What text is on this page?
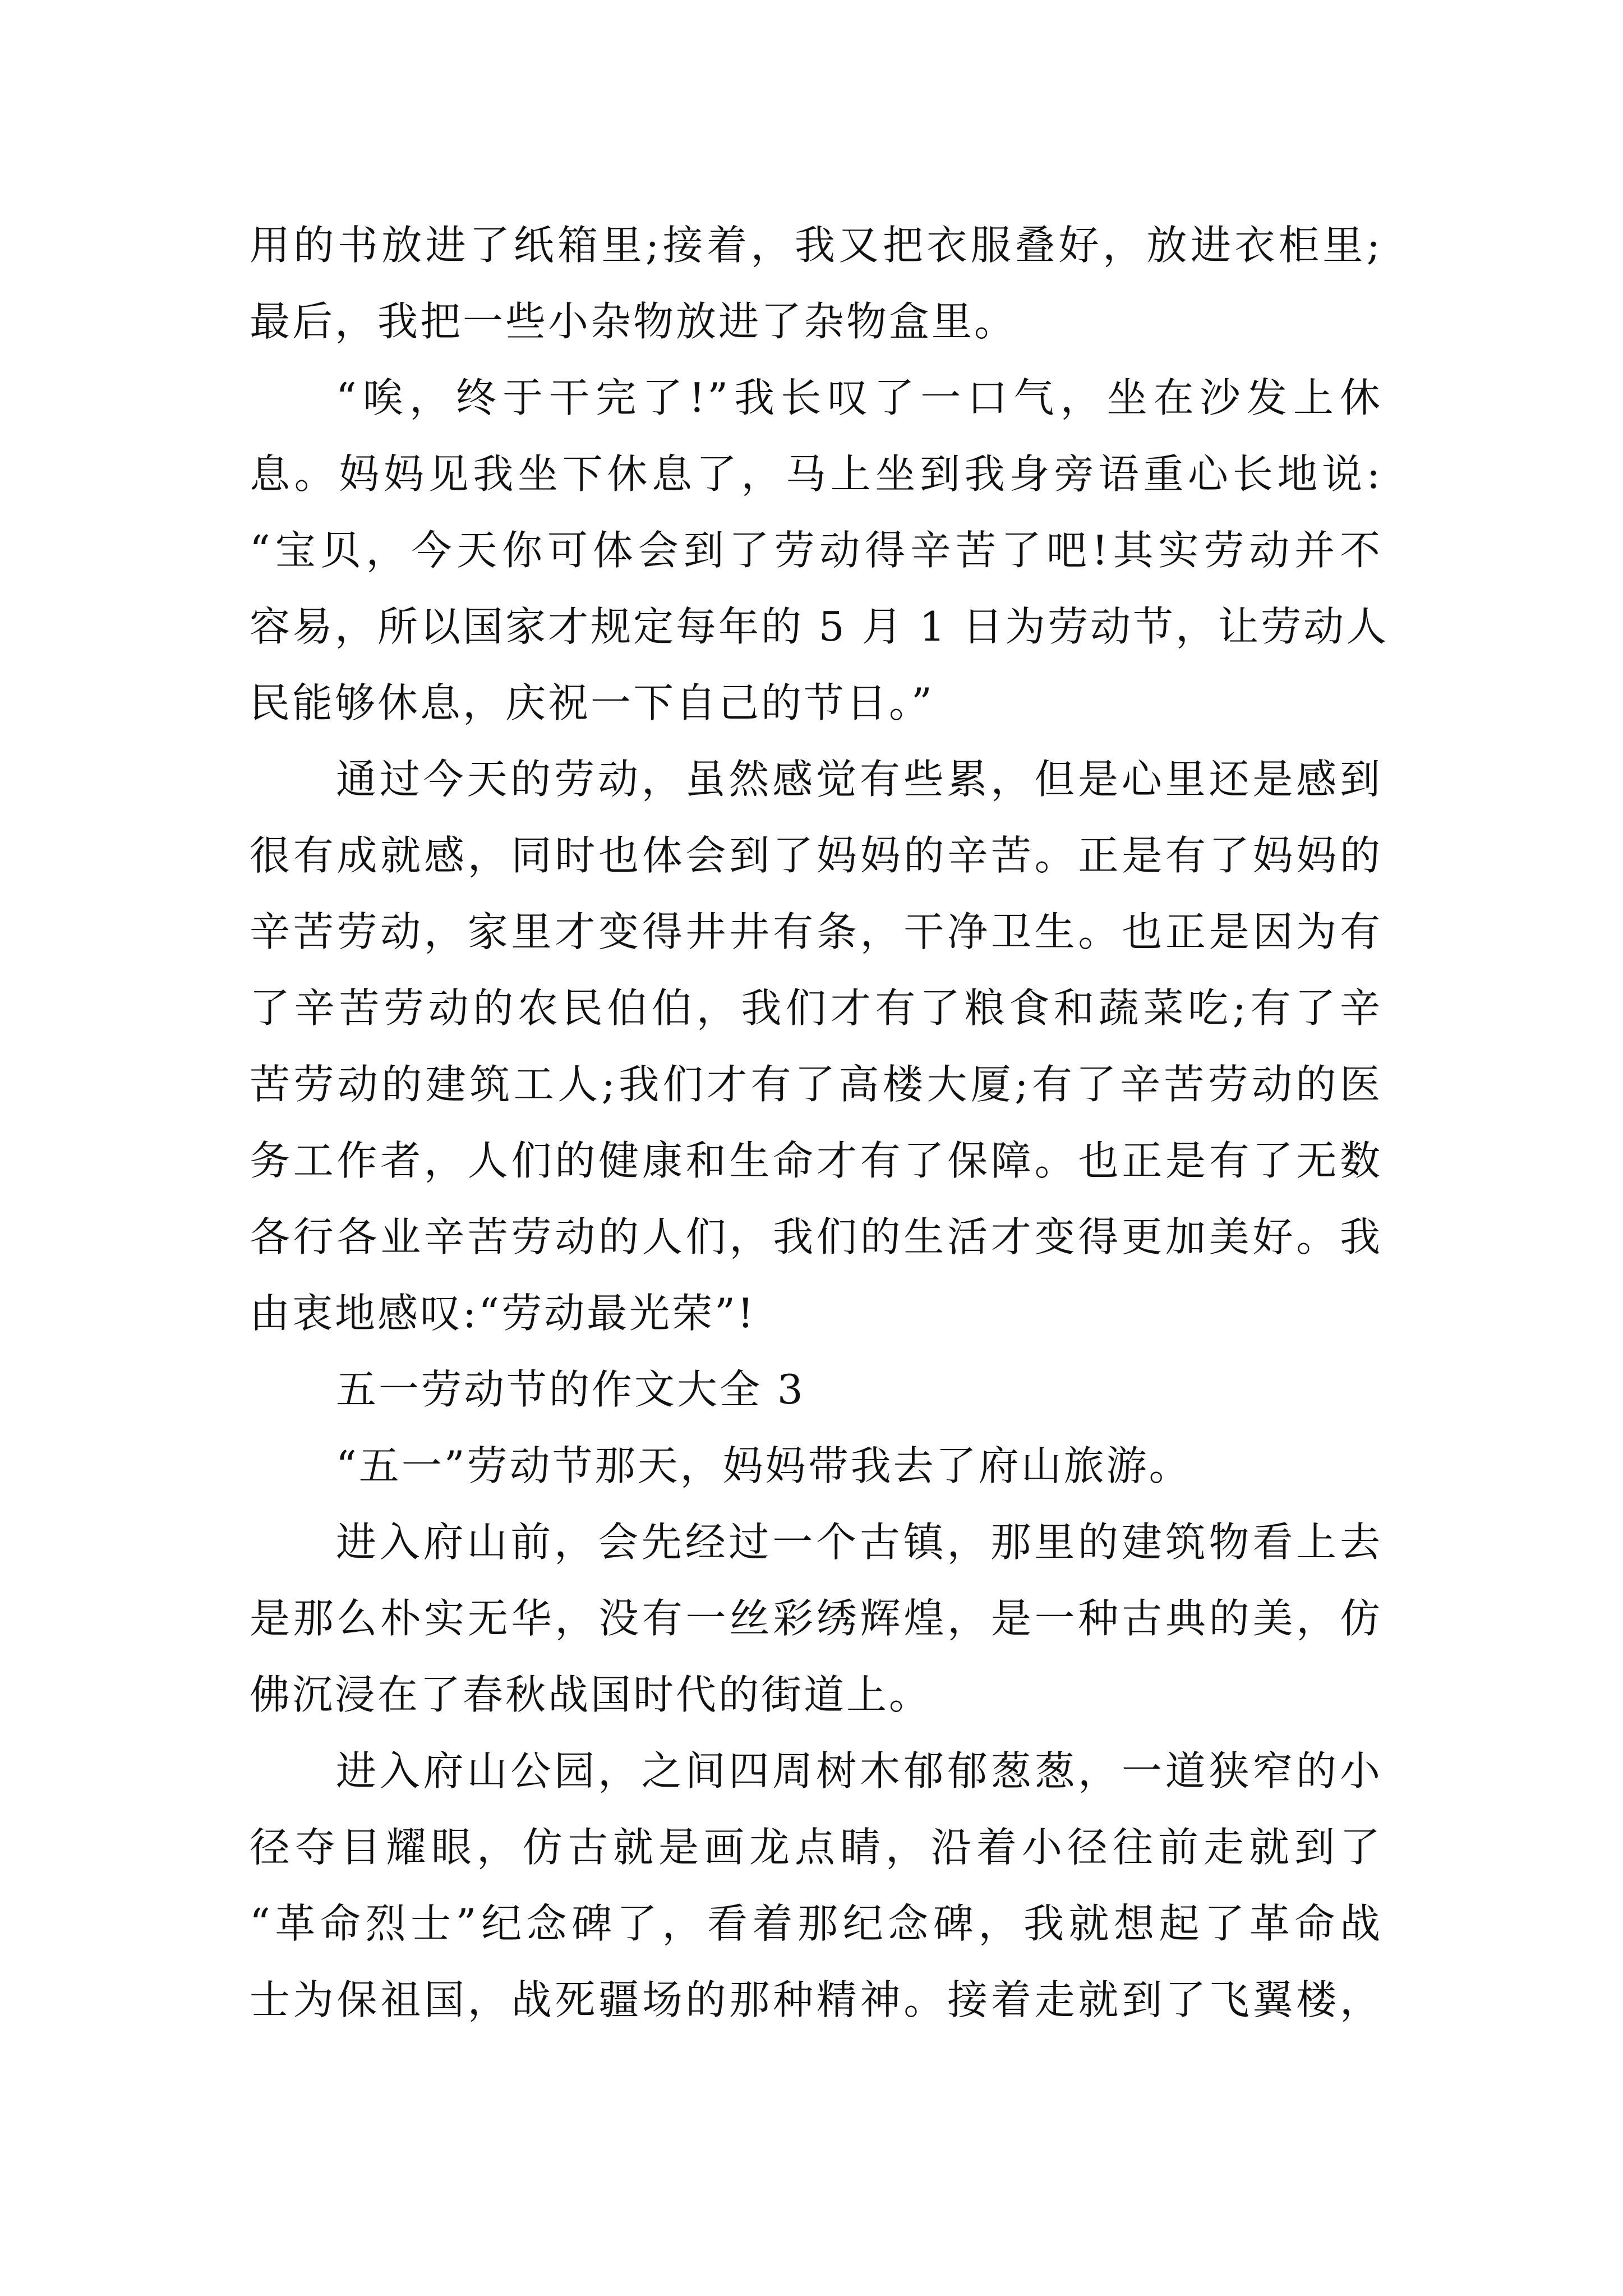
用的书放进了纸箱里;接着，我又把衣服叠好，放进衣柜里;
最后，我把一些小杂物放进了杂物盒里。
“唉，终于干完了!”我长叹了一口气，坐在沙发上休
息。妈妈见我坐下休息了，马上坐到我身旁语重心长地说:
“宝贝，今天你可体会到了劳动得辛苦了吧!其实劳动并不
容易，所以国家才规定每年的 5 月 1 日为劳动节，让劳动人
民能够休息，庆祝一下自己的节日。”
通过今天的劳动，虽然感觉有些累，但是心里还是感到
很有成就感，同时也体会到了妈妈的辛苦。正是有了妈妈的
辛苦劳动，家里才变得井井有条，干净卫生。也正是因为有
了辛苦劳动的农民伯伯，我们才有了粮食和蔬菜吃;有了辛
苦劳动的建筑工人;我们才有了高楼大厦;有了辛苦劳动的医
务工作者，人们的健康和生命才有了保障。也正是有了无数
各行各业辛苦劳动的人们，我们的生活才变得更加美好。我
由衷地感叹:“劳动最光荣”!
五一劳动节的作文大全 3
“五一”劳动节那天，妈妈带我去了府山旅游。
进入府山前，会先经过一个古镇，那里的建筑物看上去
是那么朴实无华，没有一丝彩绣辉煌，是一种古典的美，仿
佛沉浸在了春秋战国时代的街道上。
进入府山公园，之间四周树木郁郁葱葱，一道狭窄的小
径夺目耀眼，仿古就是画龙点睛，沿着小径往前走就到了
“革命烈士”纪念碑了，看着那纪念碑，我就想起了革命战
士为保祖国，战死疆场的那种精神。接着走就到了飞翼楼，
